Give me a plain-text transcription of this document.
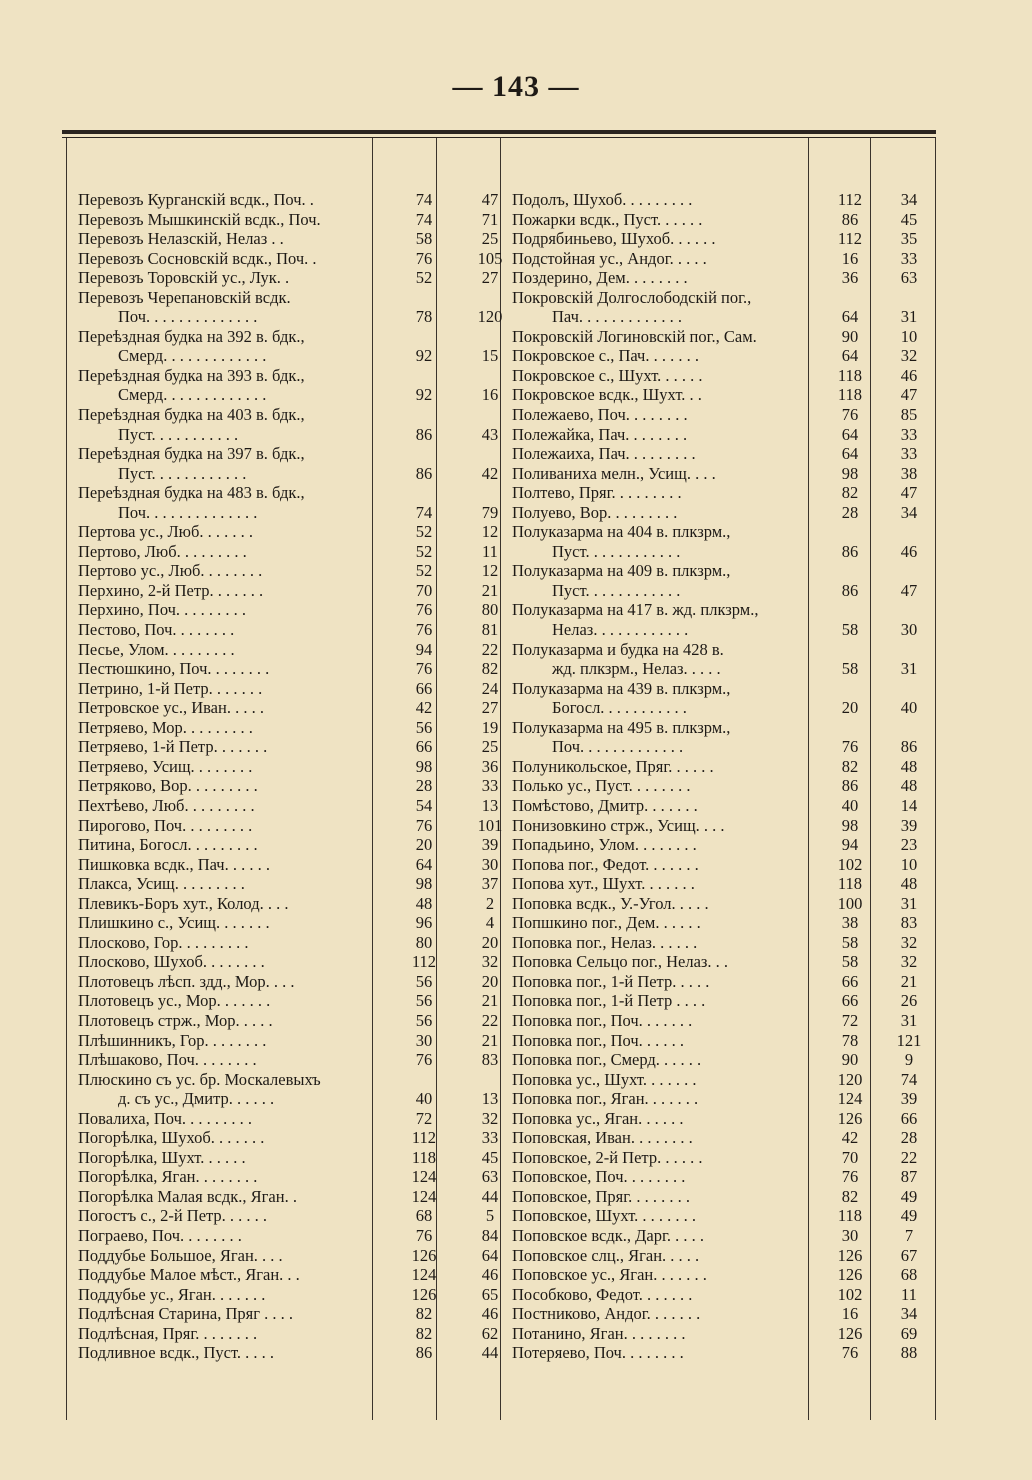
— 143 —
Перевозъ Курганскій всдк., Поч. .	74	47
Перевозъ Мышкинскій всдк., Поч.	74	71
Перевозъ Нелазскій, Нелаз . .	58	25
Перевозъ Сосновскій всдк., Поч. .	76	105
Перевозъ Торовскій ус., Лук. .	52	27
Перевозъ Черепановскій всдк.
Поч. . . . . . . . . . . . . .	78	120
Переѣздная будка на 392 в. бдк.,
Смерд. . . . . . . . . . . . .	92	15
Переѣздная будка на 393 в. бдк.,
Смерд. . . . . . . . . . . . .	92	16
Переѣздная будка на 403 в. бдк.,
Пуст. . . . . . . . . . .	86	43
Переѣздная будка на 397 в. бдк.,
Пуст. . . . . . . . . . . .	86	42
Переѣздная будка на 483 в. бдк.,
Поч. . . . . . . . . . . . . .	74	79
Пертова ус., Люб. . . . . . .	52	12
Пертово, Люб. . . . . . . . .	52	11
Пертово ус., Люб. . . . . . . .	52	12
Перхино, 2-й Петр. . . . . . .	70	21
Перхино, Поч. . . . . . . . .	76	80
Пестово, Поч. . . . . . . .	76	81
Песье, Улом. . . . . . . . .	94	22
Пестюшкино, Поч. . . . . . . .	76	82
Петрино, 1-й Петр. . . . . . .	66	24
Петровское ус., Иван. . . . .	42	27
Петряево, Мор. . . . . . . . .	56	19
Петряево, 1-й Петр. . . . . . .	66	25
Петряево, Усищ. . . . . . . .	98	36
Петряково, Вор. . . . . . . . .	28	33
Пехтѣево, Люб. . . . . . . . .	54	13
Пирогово, Поч. . . . . . . . .	76	101
Питина, Богосл. . . . . . . . .	20	39
Пишковка всдк., Пач. . . . . .	64	30
Плакса, Усищ. . . . . . . . .	98	37
Плевикъ-Боръ хут., Колод. . . .	48	2
Плишкино с., Усищ. . . . . . .	96	4
Плосково, Гор. . . . . . . . .	80	20
Плосково, Шухоб. . . . . . . .	112	32
Плотовецъ лѣсп. здд., Мор. . . .	56	20
Плотовецъ ус., Мор. . . . . . .	56	21
Плотовецъ стрж., Мор. . . . .	56	22
Плѣшинникъ, Гор. . . . . . . .	30	21
Плѣшаково, Поч. . . . . . . .	76	83
Плюскино съ ус. бр. Москалевыхъ
д. съ ус., Дмитр. . . . . .	40	13
Повалиха, Поч. . . . . . . . .	72	32
Погорѣлка, Шухоб. . . . . . .	112	33
Погорѣлка, Шухт. . . . . .	118	45
Погорѣлка, Яган. . . . . . . .	124	63
Погорѣлка Малая всдк., Яган. .	124	44
Погостъ с., 2-й Петр. . . . . .	68	5
Пограево, Поч. . . . . . . .	76	84
Поддубье Большое, Яган. . . .	126	64
Поддубье Малое мѣст., Яган. . .	124	46
Поддубье ус., Яган. . . . . . .	126	65
Подлѣсная Старина, Пряг . . . .	82	46
Подлѣсная, Пряг. . . . . . . .	82	62
Подливное всдк., Пуст. . . . .	86	44
Подолъ, Шухоб. . . . . . . . .	112	34
Пожарки всдк., Пуст. . . . . .	86	45
Подрябиньево, Шухоб. . . . . .	112	35
Подстойная ус., Андог. . . . .	16	33
Поздерино, Дем. . . . . . . .	36	63
Покровскій Долгослободскій пог.,
Пач. . . . . . . . . . . . .	64	31
Покровскій Логиновскій пог., Сам.	90	10
Покровское с., Пач. . . . . . .	64	32
Покровское с., Шухт. . . . . .	118	46
Покровское всдк., Шухт. . .	118	47
Полежаево, Поч. . . . . . . .	76	85
Полежайка, Пач. . . . . . . .	64	33
Полежаиха, Пач. . . . . . . . .	64	33
Поливаниха мелн., Усищ. . . .	98	38
Полтево, Пряг. . . . . . . . .	82	47
Полуево, Вор. . . . . . . . .	28	34
Полуказарма на 404 в. плкзрм.,
Пуст. . . . . . . . . . . .	86	46
Полуказарма на 409 в. плкзрм.,
Пуст. . . . . . . . . . . .	86	47
Полуказарма на 417 в. жд. плкзрм.,
Нелаз. . . . . . . . . . . .	58	30
Полуказарма и будка на 428 в.
жд. плкзрм., Нелаз. . . . .	58	31
Полуказарма на 439 в. плкзрм.,
Богосл. . . . . . . . . . .	20	40
Полуказарма на 495 в. плкзрм.,
Поч. . . . . . . . . . . . .	76	86
Полуникольское, Пряг. . . . . .	82	48
Полько ус., Пуст. . . . . . . .	86	48
Помѣстово, Дмитр. . . . . . .	40	14
Понизовкино стрж., Усищ. . . .	98	39
Попадьино, Улом. . . . . . . .	94	23
Попова пог., Федот. . . . . . .	102	10
Попова хут., Шухт. . . . . . .	118	48
Поповка всдк., У.-Угол. . . . .	100	31
Попшкино пог., Дем. . . . . .	38	83
Поповка пог., Нелаз. . . . . .	58	32
Поповка Сельцо пог., Нелаз. . .	58	32
Поповка пог., 1-й Петр. . . . .	66	21
Поповка пог., 1-й Петр . . . .	66	26
Поповка пог., Поч. . . . . . .	72	31
Поповка пог., Поч. . . . . .	78	121
Поповка пог., Смерд. . . . . .	90	9
Поповка ус., Шухт. . . . . . .	120	74
Поповка пог., Яган. . . . . . .	124	39
Поповка ус., Яган. . . . . .	126	66
Поповская, Иван. . . . . . . .	42	28
Поповское, 2-й Петр. . . . . .	70	22
Поповское, Поч. . . . . . . .	76	87
Поповское, Пряг. . . . . . . .	82	49
Поповское, Шухт. . . . . . . .	118	49
Поповское всдк., Дарг. . . . .	30	7
Поповское слц., Яган. . . . .	126	67
Поповское ус., Яган. . . . . . .	126	68
Пособково, Федот. . . . . . .	102	11
Постниково, Андог. . . . . . .	16	34
Потанино, Яган. . . . . . . .	126	69
Потеряево, Поч. . . . . . . .	76	88
